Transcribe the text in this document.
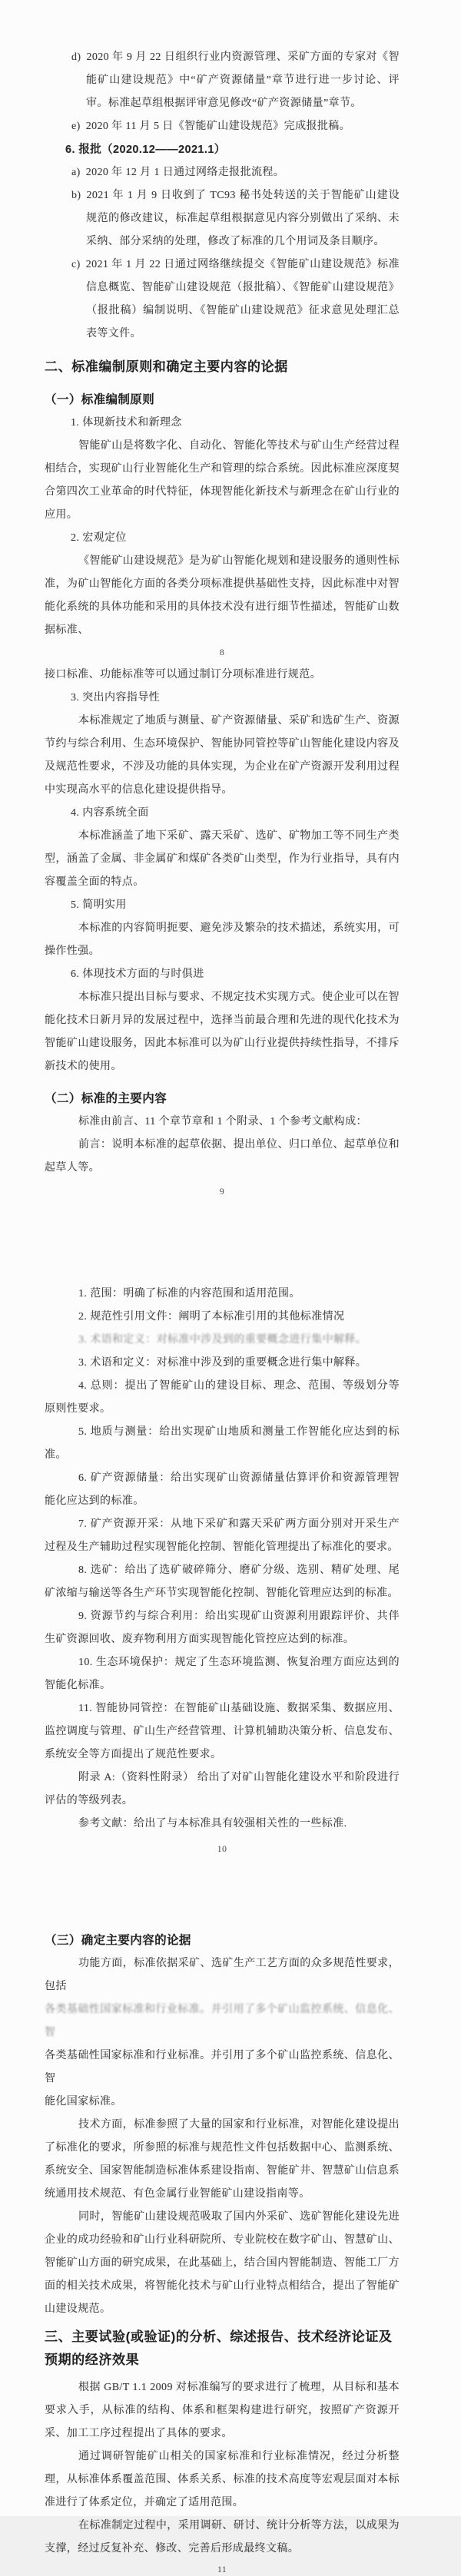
d) 2020 年 9 月 22 日组织行业内资源管理、采矿方面的专家对《智能矿山建设规范》中“矿产资源储量”章节进行进一步讨论、评审。标准起草组根据评审意见修改“矿产资源储量”章节。
e) 2020 年 11 月 5 日《智能矿山建设规范》完成报批稿。
6. 报批（2020.12——2021.1）
a) 2020 年 12 月 1 日通过网络走报批流程。
b) 2021 年 1 月 9 日收到了 TC93 秘书处转送的关于智能矿山建设规范的修改建议，标准起草组根据意见内容分别做出了采纳、未采纳、部分采纳的处理，修改了标准的几个用词及条目顺序。
c) 2021 年 1 月 22 日通过网络继续提交《智能矿山建设规范》标准信息概览、智能矿山建设规范（报批稿）、《智能矿山建设规范》（报批稿）编制说明、《智能矿山建设规范》征求意见处理汇总表等文件。
二、标准编制原则和确定主要内容的论据
（一）标准编制原则
1. 体现新技术和新理念
智能矿山是将数字化、自动化、智能化等技术与矿山生产经营过程相结合，实现矿山行业智能化生产和管理的综合系统。因此标准应深度契合第四次工业革命的时代特征，体现智能化新技术与新理念在矿山行业的应用。
2. 宏观定位
《智能矿山建设规范》是为矿山智能化规划和建设服务的通则性标准，为矿山智能化方面的各类分项标准提供基础性支持，因此标准中对智能化系统的具体功能和采用的具体技术没有进行细节性描述，智能矿山数据标准、
8
接口标准、功能标准等可以通过制订分项标准进行规范。
3. 突出内容指导性
本标准规定了地质与测量、矿产资源储量、采矿和选矿生产、资源节约与综合利用、生态环境保护、智能协同管控等矿山智能化建设内容及及规范性要求，不涉及功能的具体实现，为企业在矿产资源开发利用过程中实现高水平的信息化建设提供指导。
4. 内容系统全面
本标准涵盖了地下采矿、露天采矿、选矿、矿物加工等不同生产类型，涵盖了金属、非金属矿和煤矿各类矿山类型，作为行业指导，具有内容覆盖全面的特点。
5. 简明实用
本标准的内容简明扼要、避免涉及繁杂的技术描述，系统实用，可操作性强。
6. 体现技术方面的与时俱进
本标准只提出目标与要求、不规定技术实现方式。使企业可以在智能化技术日新月异的发展过程中，选择当前最合理和先进的现代化技术为智能矿山建设服务，因此本标准可以为矿山行业提供持续性指导，不排斥新技术的使用。
（二）标准的主要内容
标准由前言、11 个章节章和 1 个附录、1 个参考文献构成：
前言：说明本标准的起草依据、提出单位、归口单位、起草单位和起草人等。
9
1. 范围：明确了标准的内容范围和适用范围。
2. 规范性引用文件：阐明了本标准引用的其他标准情况
3. 术语和定义：对标准中涉及到的重要概念进行集中解释。
3. 术语和定义：对标准中涉及到的重要概念进行集中解释。
4. 总则：提出了智能矿山的建设目标、理念、范围、等级划分等原则性要求。
5. 地质与测量：给出实现矿山地质和测量工作智能化应达到的标准。
6. 矿产资源储量：给出实现矿山资源储量估算评价和资源管理智能化应达到的标准。
7. 矿产资源开采：从地下采矿和露天采矿两方面分别对开采生产过程及生产辅助过程实现智能化控制、智能化管理提出了标准化的要求。
8. 选矿：给出了选矿破碎筛分、磨矿分级、选别、精矿处理、尾矿浓缩与输送等各生产环节实现智能化控制、智能化管理应达到的标准。
9. 资源节约与综合利用：给出实现矿山资源利用跟踪评价、共伴生矿资源回收、废弃物利用方面实现智能化管控应达到的标准。
10. 生态环境保护：规定了生态环境监测、恢复治理方面应达到的智能化标准。
11. 智能协同管控：在智能矿山基础设施、数据采集、数据应用、监控调度与管理、矿山生产经营管理、计算机辅助决策分析、信息发布、系统安全等方面提出了规范性要求。
附录 A:（资料性附录） 给出了对矿山智能化建设水平和阶段进行评估的等级列表。
参考文献：给出了与本标准具有较强相关性的一些标准.
10
（三）确定主要内容的论据
功能方面，标准依据采矿、选矿生产工艺方面的众多规范性要求，包括
各类基础性国家标准和行业标准。并引用了多个矿山监控系统、信息化、智
各类基础性国家标准和行业标准。并引用了多个矿山监控系统、信息化、智
能化国家标准。
技术方面，标准参照了大量的国家和行业标准，对智能化建设提出了标准化的要求，所参照的标准与规范性文件包括数据中心、监测系统、系统安全、国家智能制造标准体系建设指南、智能矿井、智慧矿山信息系统通用技术规范、有色金属行业智能矿山建设指南等。
同时，智能矿山建设规范吸取了国内外采矿、选矿智能化建设先进企业的成功经验和矿山行业科研院所、专业院校在数字矿山、智慧矿山、智能矿山方面的研究成果，在此基础上，结合国内智能制造、智能工厂方面的相关技术成果，将智能化技术与矿山行业特点相结合，提出了智能矿山建设规范。
三、主要试验(或验证)的分析、综述报告、技术经济论证及预期的经济效果
根据 GB/T 1.1 2009 对标准编写的要求进行了梳理，从目标和基本要求入手，从标准的结构、体系和框架构建进行研究，按照矿产资源开采、加工工序过程提出了具体的要求。
通过调研智能矿山相关的国家标准和行业标准情况，经过分析整理，从标准体系覆盖范围、体系关系、标准的技术高度等宏观层面对本标准进行了体系定位，并确定了适用范围。
在标准制定过程中，采用调研、研讨、统计分析等方法，以成果为支撑，经过反复补充、修改、完善后形成最终文稿。
11
